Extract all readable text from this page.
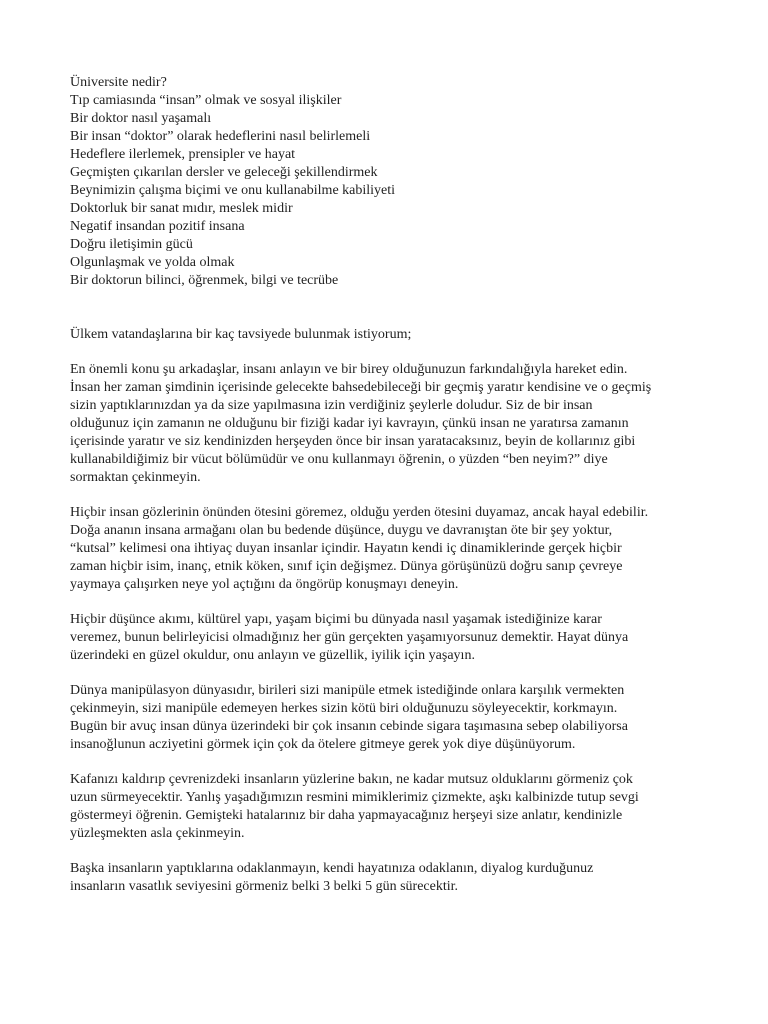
Üniversite nedir?
Tıp camiasında “insan” olmak ve sosyal ilişkiler
Bir doktor nasıl yaşamalı
Bir insan “doktor” olarak hedeflerini nasıl belirlemeli
Hedeflere ilerlemek, prensipler ve hayat
Geçmişten çıkarılan dersler ve geleceği şekillendirmek
Beynimizin çalışma biçimi ve onu kullanabilme kabiliyeti
Doktorluk bir sanat mıdır, meslek midir
Negatif insandan pozitif insana
Doğru iletişimin gücü
Olgunlaşmak ve yolda olmak
Bir doktorun bilinci, öğrenmek, bilgi ve tecrübe

Ülkem vatandaşlarına bir kaç tavsiyede bulunmak istiyorum;

En önemli konu şu arkadaşlar, insanı anlayın ve bir birey olduğunuzun farkındalığıyla hareket edin.
İnsan her zaman şimdinin içerisinde gelecekte bahsedebileceği bir geçmiş yaratır kendisine ve o geçmiş
sizin yaptıklarınızdan ya da size yapılmasına izin verdiğiniz şeylerle doludur. Siz de bir insan
olduğunuz için zamanın ne olduğunu bir fiziği kadar iyi kavrayın, çünkü insan ne yaratırsa zamanın
içerisinde yaratır ve siz kendinizden herşeyden önce bir insan yaratacaksınız, beyin de kollarınız gibi
kullanabildiğimiz bir vücut bölümüdür ve onu kullanmayı öğrenin, o yüzden “ben neyim?” diye
sormaktan çekinmeyin.
Hiçbir insan gözlerinin önünden ötesini göremez, olduğu yerden ötesini duyamaz, ancak hayal edebilir.
Doğa ananın insana armağanı olan bu bedende düşünce, duygu ve davranıştan öte bir şey yoktur,
“kutsal” kelimesi ona ihtiyaç duyan insanlar içindir. Hayatın kendi iç dinamiklerinde gerçek hiçbir
zaman hiçbir isim, inanç, etnik köken, sınıf için değişmez. Dünya görüşünüzü doğru sanıp çevreye
yaymaya çalışırken neye yol açtığını da öngörüp konuşmayı deneyin.
Hiçbir düşünce akımı, kültürel yapı, yaşam biçimi bu dünyada nasıl yaşamak istediğinize karar
veremez, bunun belirleyicisi olmadığınız her gün gerçekten yaşamıyorsunuz demektir. Hayat dünya
üzerindeki en güzel okuldur, onu anlayın ve güzellik, iyilik için yaşayın.
Dünya manipülasyon dünyasıdır, birileri sizi manipüle etmek istediğinde onlara karşılık vermekten
çekinmeyin, sizi manipüle edemeyen herkes sizin kötü biri olduğunuzu söyleyecektir, korkmayın.
Bugün bir avuç insan dünya üzerindeki bir çok insanın cebinde sigara taşımasına sebep olabiliyorsa
insanoğlunun acziyetini görmek için çok da ötelere gitmeye gerek yok diye düşünüyorum.
Kafanızı kaldırıp çevrenizdeki insanların yüzlerine bakın, ne kadar mutsuz olduklarını görmeniz çok
uzun sürmeyecektir. Yanlış yaşadığımızın resmini mimiklerimiz çizmekte, aşkı kalbinizde tutup sevgi
göstermeyi öğrenin. Gemişteki hatalarınız bir daha yapmayacağınız herşeyi size anlatır, kendinizle
yüzleşmekten asla çekinmeyin.
Başka insanların yaptıklarına odaklanmayın, kendi hayatınıza odaklanın, diyalog kurduğunuz
insanların vasatlık seviyesini görmeniz belki 3 belki 5 gün sürecektir.
